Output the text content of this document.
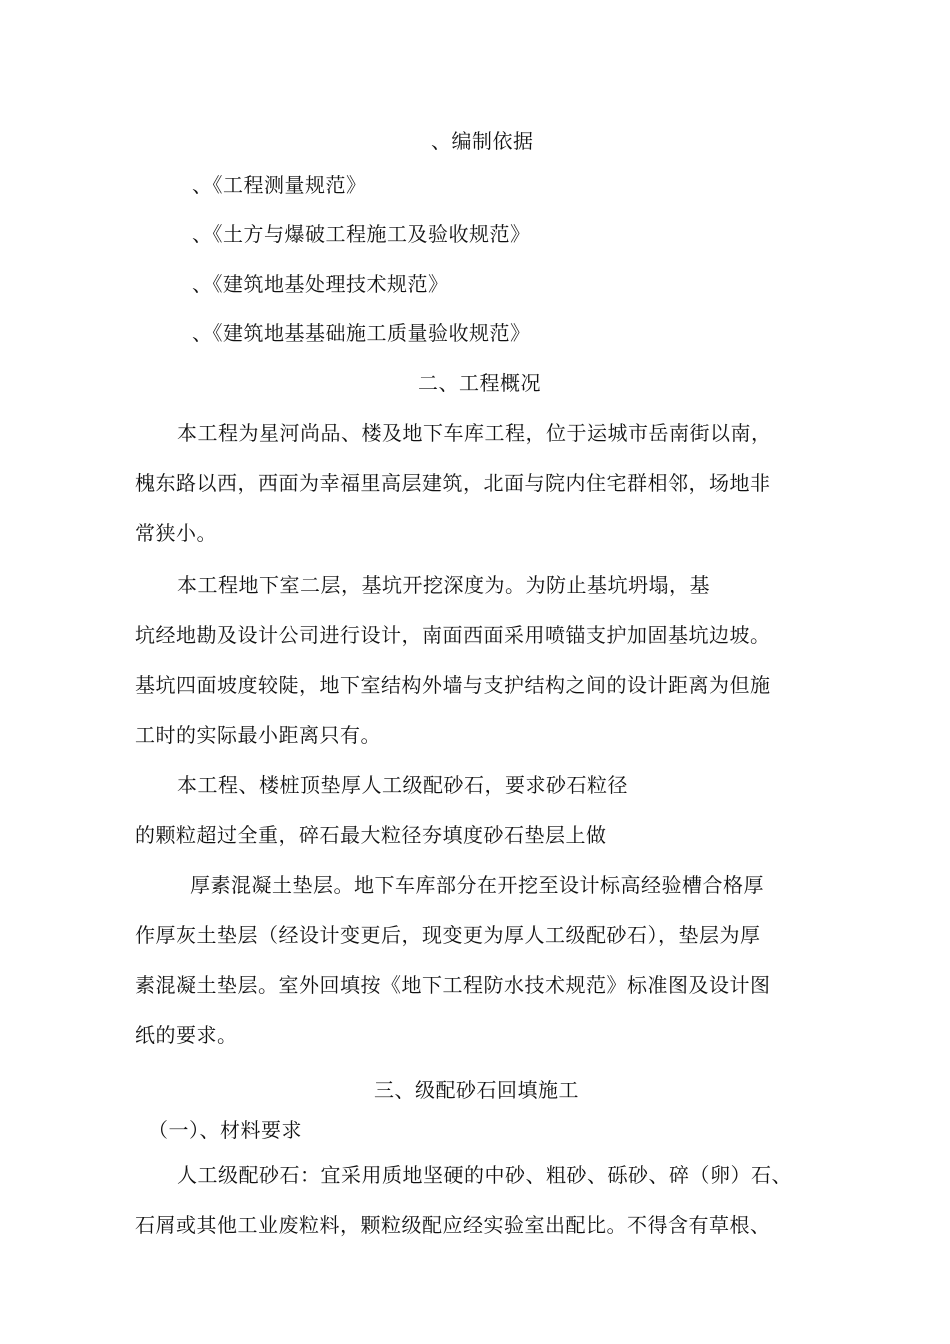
、编制依据
、《工程测量规范》
、《土方与爆破工程施工及验收规范》
、《建筑地基处理技术规范》
、《建筑地基基础施工质量验收规范》
二、工程概况
本工程为星河尚品、楼及地下车库工程，位于运城市岳南街以南，
槐东路以西，西面为幸福里高层建筑，北面与院内住宅群相邻，场地非
常狭小。
本工程地下室二层，基坑开挖深度为。为防止基坑坍塌，基
坑经地勘及设计公司进行设计，南面西面采用喷锚支护加固基坑边坡。
基坑四面坡度较陡，地下室结构外墙与支护结构之间的设计距离为但施
工时的实际最小距离只有。
本工程、楼桩顶垫厚人工级配砂石，要求砂石粒径
的颗粒超过全重，碎石最大粒径夯填度砂石垫层上做
厚素混凝土垫层。地下车库部分在开挖至设计标高经验槽合格厚
作厚灰土垫层（经设计变更后，现变更为厚人工级配砂石），垫层为厚
素混凝土垫层。室外回填按《地下工程防水技术规范》标准图及设计图
纸的要求。
三、级配砂石回填施工
（一）、材料要求
人工级配砂石：宜采用质地坚硬的中砂、粗砂、砾砂、碎（卵）石、
石屑或其他工业废粒料，颗粒级配应经实验室出配比。不得含有草根、
